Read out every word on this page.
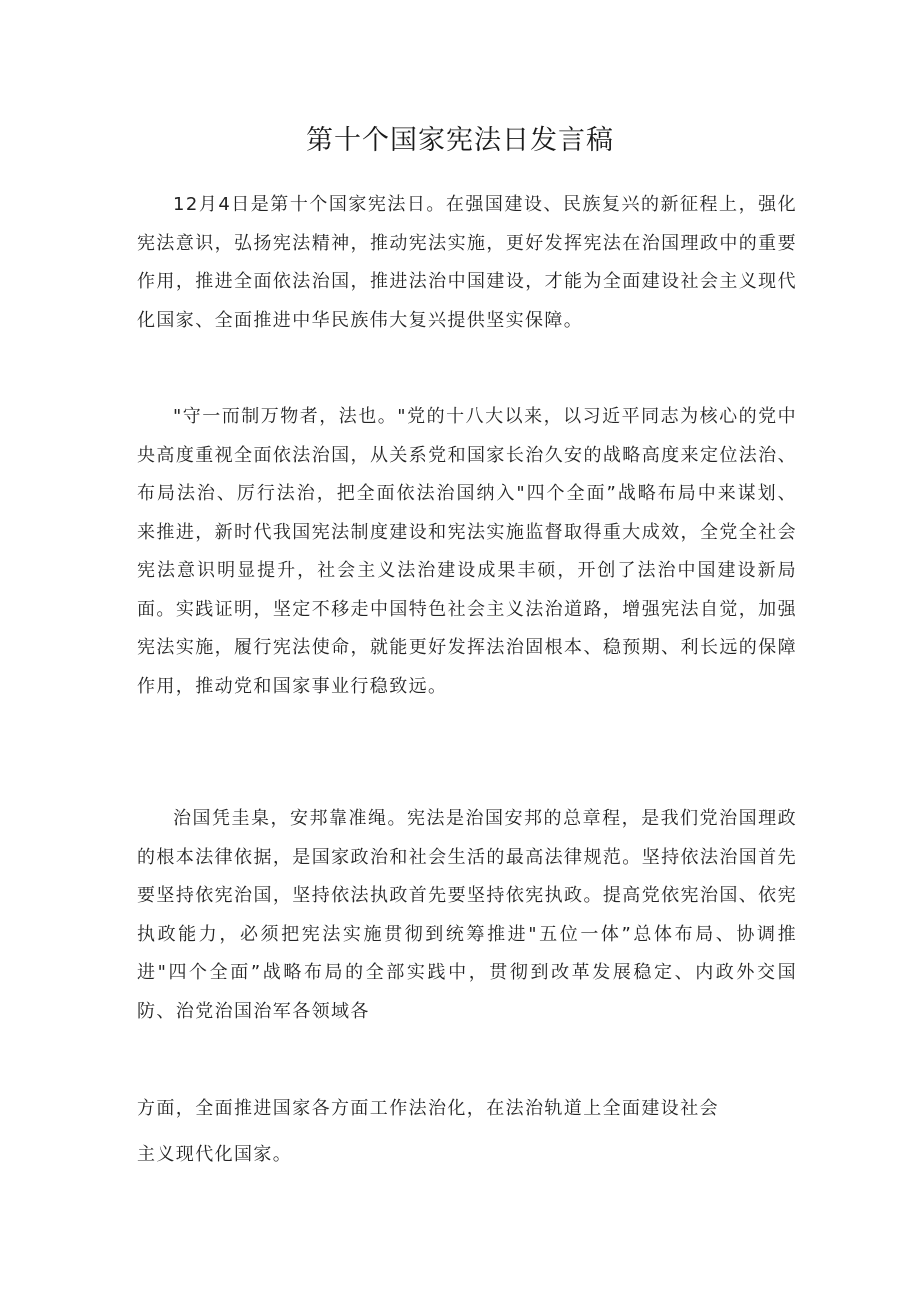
第十个国家宪法日发言稿

12月4日是第十个国家宪法日。在强国建设、民族复兴的新征程上，强化宪法意识，弘扬宪法精神，推动宪法实施，更好发挥宪法在治国理政中的重要作用，推进全面依法治国，推进法治中国建设，才能为全面建设社会主义现代化国家、全面推进中华民族伟大复兴提供坚实保障。

"守一而制万物者，法也。"党的十八大以来，以习近平同志为核心的党中央高度重视全面依法治国，从关系党和国家长治久安的战略高度来定位法治、布局法治、厉行法治，把全面依法治国纳入"四个全面”战略布局中来谋划、来推进，新时代我国宪法制度建设和宪法实施监督取得重大成效，全党全社会宪法意识明显提升，社会主义法治建设成果丰硕，开创了法治中国建设新局面。实践证明，坚定不移走中国特色社会主义法治道路，增强宪法自觉，加强宪法实施，履行宪法使命，就能更好发挥法治固根本、稳预期、利长远的保障作用，推动党和国家事业行稳致远。

治国凭圭臬，安邦靠准绳。宪法是治国安邦的总章程，是我们党治国理政的根本法律依据，是国家政治和社会生活的最高法律规范。坚持依法治国首先要坚持依宪治国，坚持依法执政首先要坚持依宪执政。提高党依宪治国、依宪执政能力，必须把宪法实施贯彻到统筹推进"五位一体”总体布局、协调推进"四个全面”战略布局的全部实践中，贯彻到改革发展稳定、内政外交国防、治党治国治军各领域各

方面，全面推进国家各方面工作法治化，在法治轨道上全面建设社会

主义现代化国家。
